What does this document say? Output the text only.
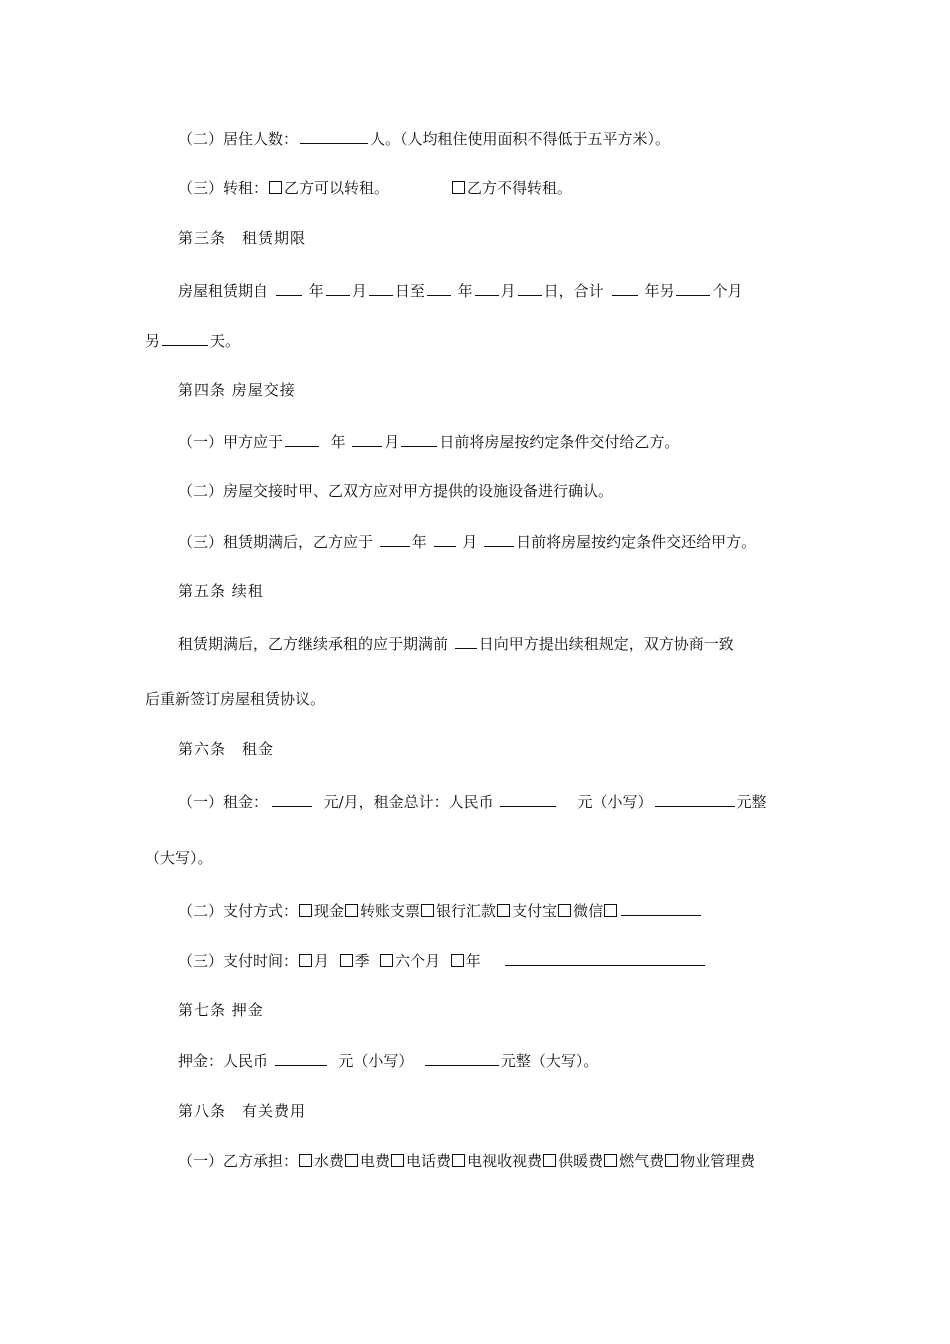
（二）居住人数：	人。（人均租住使用面积不得低于五平方米）。
（三）转租： 乙方可以转租。	乙方不得转租。
第三条　租赁期限
房屋租赁期自	年 月 日至 年 月 日，合计	年另	个月
另	天。
第四条 房屋交接
（一）甲方应于	年	月	日前将房屋按约定条件交付给乙方。
（二）房屋交接时甲、乙双方应对甲方提供的设施设备进行确认。
（三）租赁期满后，乙方应于	年 月	日前将房屋按约定条件交还给甲方。
第五条 续租
租赁期满后，乙方继续承租的应于期满前 日向甲方提出续租规定，双方协商一致
后重新签订房屋租赁协议。
第六条　租金
（一）租金：	元/月，租金总计：人民币	元（小写）	元整
（大写）。
（二）支付方式： 现金 转账支票 银行汇款 支付宝 微信
（三）支付时间： 月 季 六个月 年
第七条 押金
押金：人民币	元（小写）	元整（大写）。
第八条　有关费用
（一）乙方承担： 水费 电费 电话费 电视收视费 供暖费 燃气费 物业管理费
